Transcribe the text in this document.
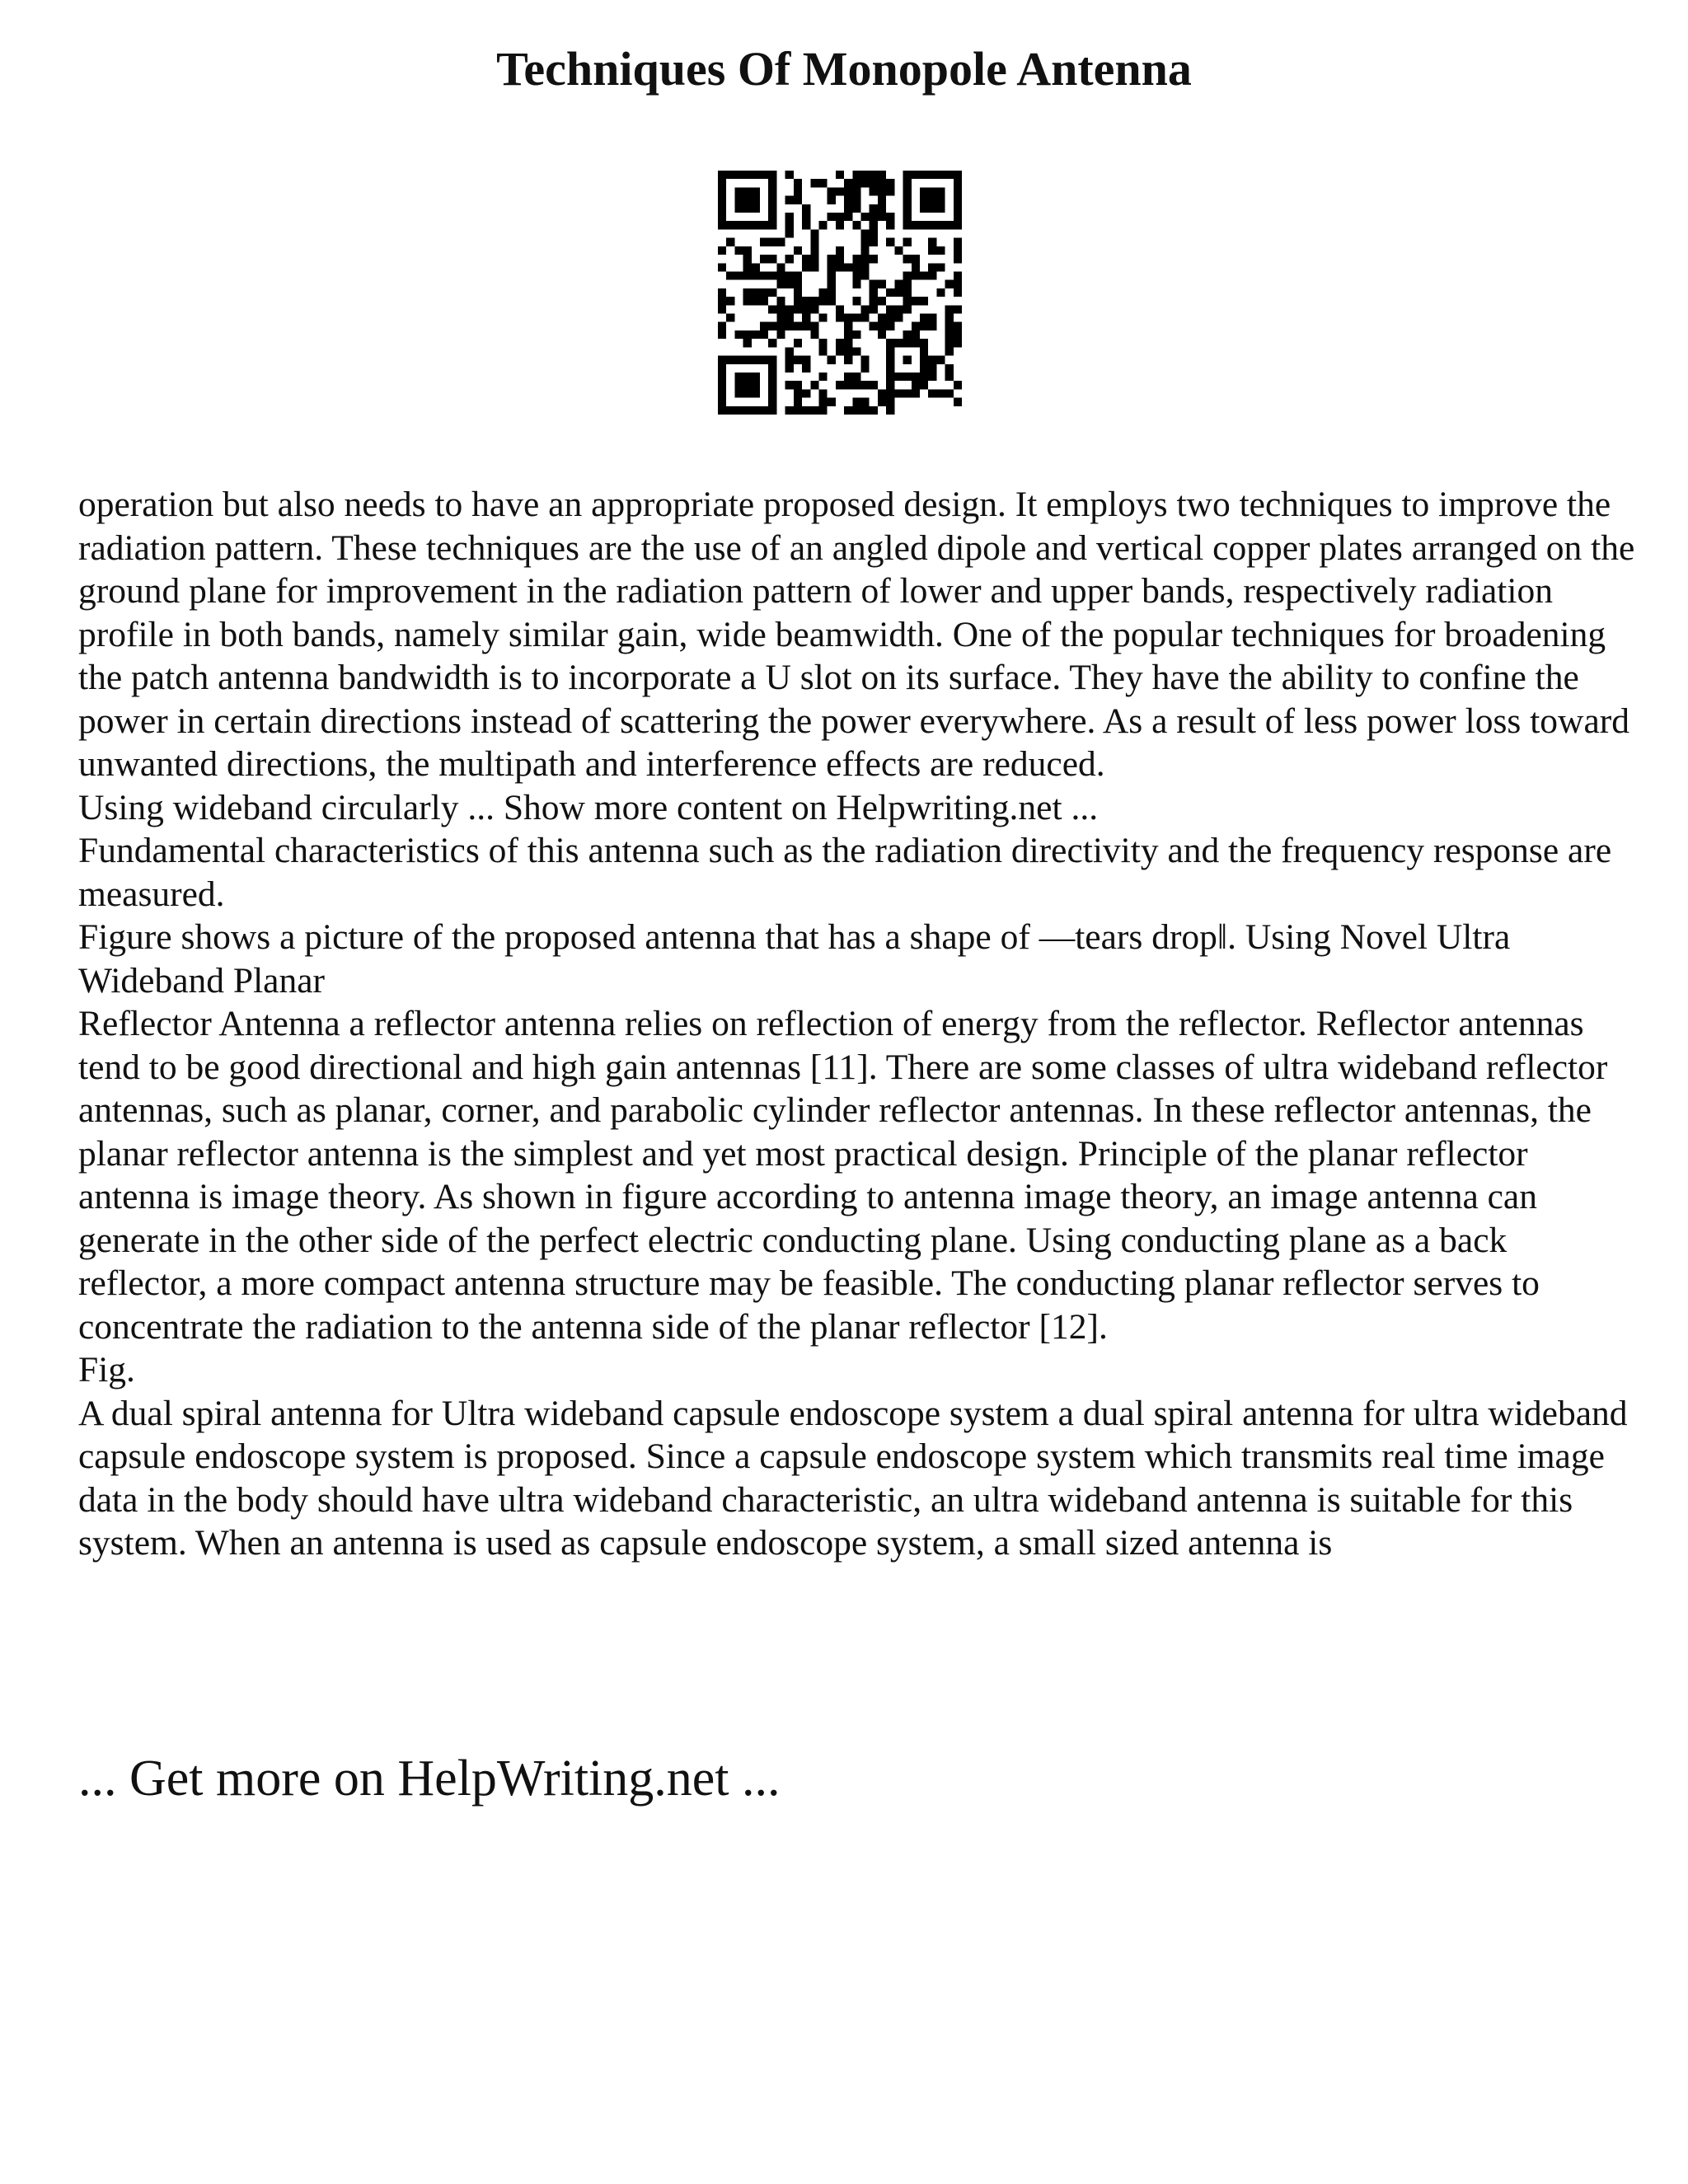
Techniques Of Monopole Antenna

operation but also needs to have an appropriate proposed design. It employs two techniques to improve the radiation pattern. These techniques are the use of an angled dipole and vertical copper plates arranged on the ground plane for improvement in the radiation pattern of lower and upper bands, respectively radiation profile in both bands, namely similar gain, wide beamwidth. One of the popular techniques for broadening the patch antenna bandwidth is to incorporate a U slot on its surface. They have the ability to confine the power in certain directions instead of scattering the power everywhere. As a result of less power loss toward unwanted directions, the multipath and interference effects are reduced.

Using wideband circularly ... Show more content on Helpwriting.net ...

Fundamental characteristics of this antenna such as the radiation directivity and the frequency response are measured.

Figure shows a picture of the proposed antenna that has a shape of ―tears drop‖. Using Novel Ultra Wideband Planar

Reflector Antenna a reflector antenna relies on reflection of energy from the reflector. Reflector antennas tend to be good directional and high gain antennas [11]. There are some classes of ultra wideband reflector antennas, such as planar, corner, and parabolic cylinder reflector antennas. In these reflector antennas, the planar reflector antenna is the simplest and yet most practical design. Principle of the planar reflector antenna is image theory. As shown in figure according to antenna image theory, an image antenna can generate in the other side of the perfect electric conducting plane. Using conducting plane as a back reflector, a more compact antenna structure may be feasible. The conducting planar reflector serves to concentrate the radiation to the antenna side of the planar reflector [12].

Fig.

A dual spiral antenna for Ultra wideband capsule endoscope system a dual spiral antenna for ultra wideband capsule endoscope system is proposed. Since a capsule endoscope system which transmits real time image data in the body should have ultra wideband characteristic, an ultra wideband antenna is suitable for this system. When an antenna is used as capsule endoscope system, a small sized antenna is

... Get more on HelpWriting.net ...
